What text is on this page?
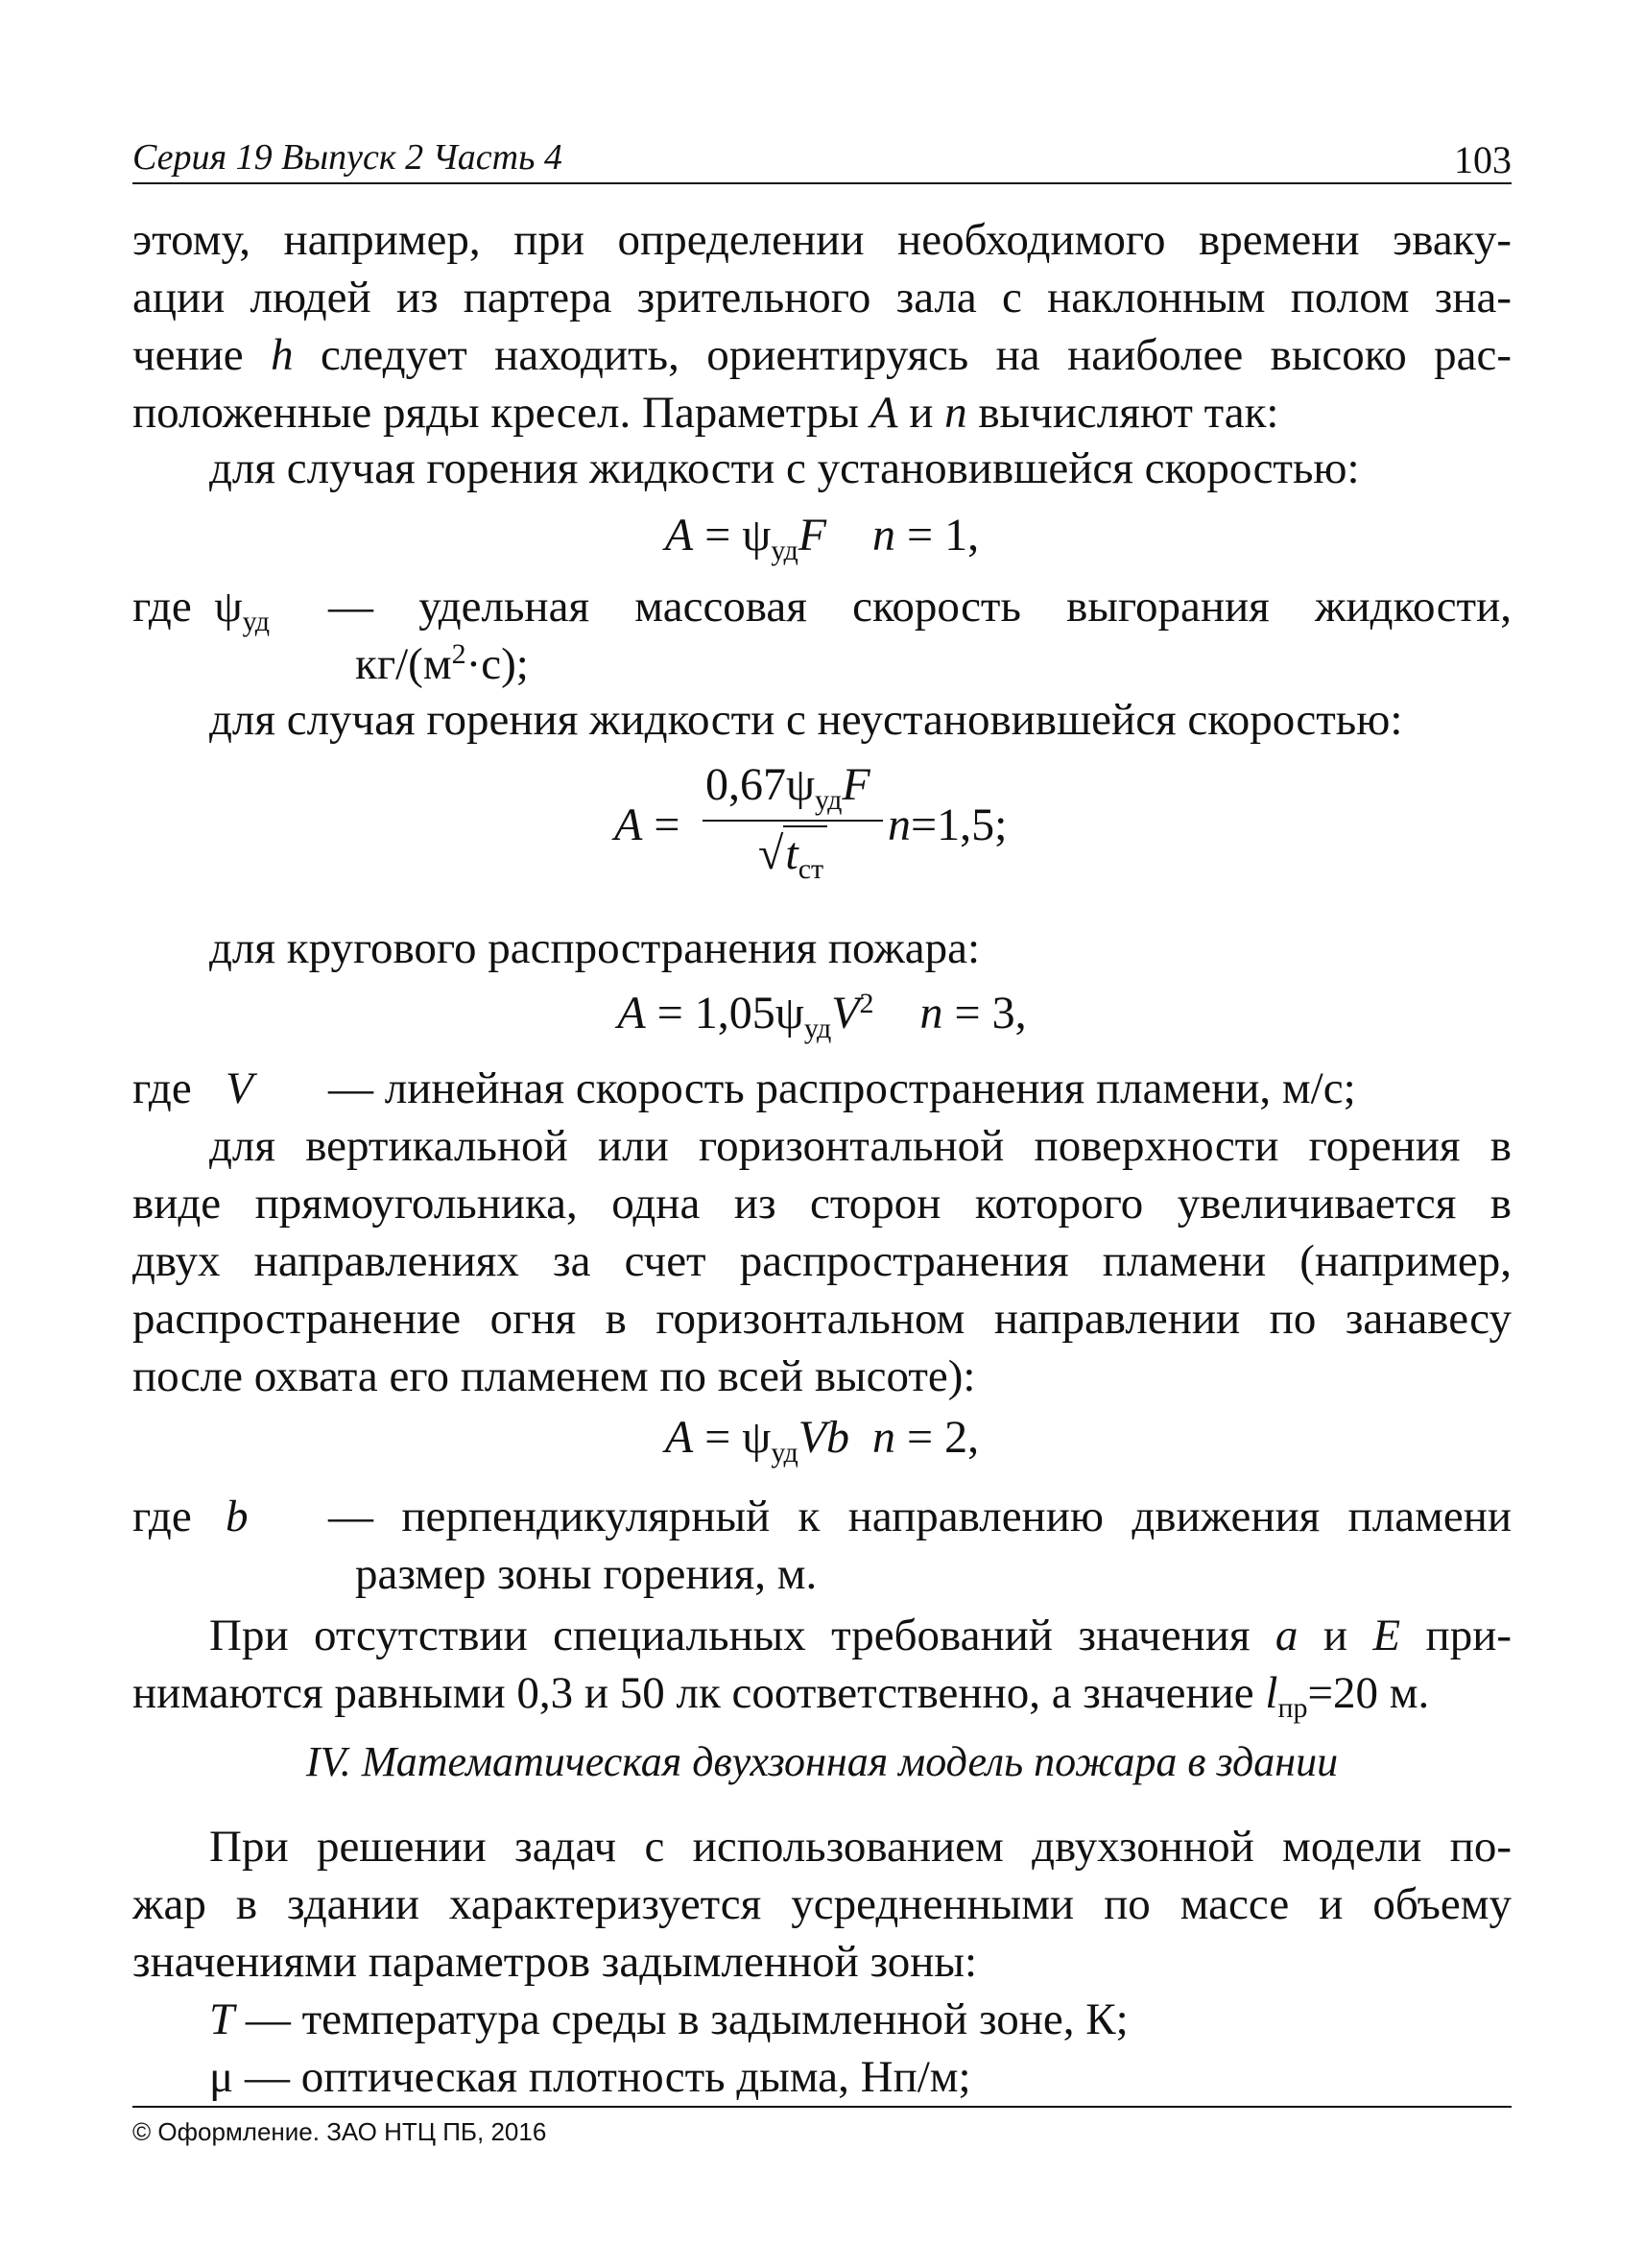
Серия 19 Выпуск 2 Часть 4	103
этому, например, при определении необходимого времени эваку-
ации людей из партера зрительного зала с наклонным полом зна-
чение h следует находить, ориентируясь на наиболее высоко рас-
положенные ряды кресел. Параметры A и n вычисляют так:
для случая горения жидкости с установившейся скоростью:
$A = \psi_{уд}F$ n = 1,
где $\psi_{уд}$ — удельная массовая скорость выгорания жидкости,
$кг/(м^2\cdot с)$;
для случая горения жидкости с неустановившейся скоростью:
A =
$0,67\psi_{уд}F$
$√t_{ст}$
n=1,5;
для кругового распространения пожара:
$A = 1,05\psi_{уд}V^2$ n = 3,
где V — линейная скорость распространения пламени, м/с;
для вертикальной или горизонтальной поверхности горения в
виде прямоугольника, одна из сторон которого увеличивается в
двух направлениях за счет распространения пламени (например,
распространение огня в горизонтальном направлении по занавесу
после охвата его пламенем по всей высоте):
$A = \psi_{уд}Vb$ n = 2,
где b — перпендикулярный к направлению движения пламени
размер зоны горения, м.
При отсутствии специальных требований значения a и E при-
нимаются равными 0,3 и 50 лк соответственно, а значение $l_{пр}=20$ м.
IV. Математическая двухзонная модель пожара в здании
При решении задач с использованием двухзонной модели по-
жар в здании характеризуется усредненными по массе и объему
значениями параметров задымленной зоны:
T — температура среды в задымленной зоне, К;
μ — оптическая плотность дыма, Нп/м;
© Оформление. ЗАО НТЦ ПБ, 2016
